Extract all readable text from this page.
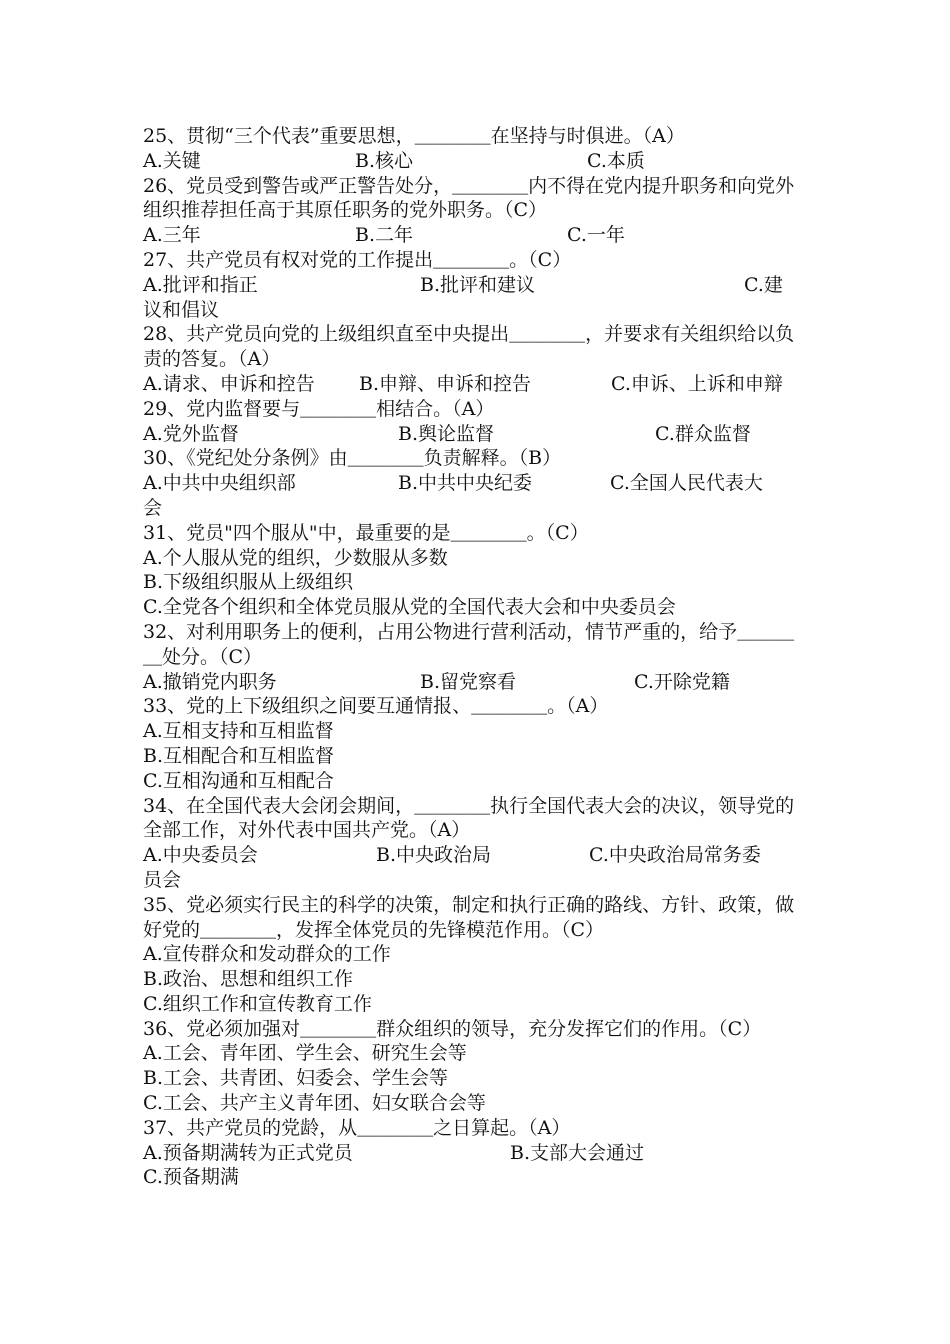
25、贯彻“三个代表”重要思想，＿＿＿＿在坚持与时俱进。（A）

A.关键	B.核心	C.本质

26、党员受到警告或严正警告处分，＿＿＿＿内不得在党内提升职务和向党外组织推荐担任高于其原任职务的党外职务。（C）

A.三年	B.二年	C.一年

27、共产党员有权对党的工作提出＿＿＿＿。（C）

A.批评和指正	B.批评和建议	C.建
议和倡议

28、共产党员向党的上级组织直至中央提出＿＿＿＿，并要求有关组织给以负责的答复。（A）

A.请求、申诉和控告	B.申辩、申诉和控告	C.申诉、上诉和申辩

29、党内监督要与＿＿＿＿相结合。（A）

A.党外监督	B.舆论监督	C.群众监督

30、《党纪处分条例》由＿＿＿＿负责解释。（B）

A.中共中央组织部	B.中共中央纪委	C.全国人民代表大
会

31、党员"四个服从"中，最重要的是＿＿＿＿。（C）

A.个人服从党的组织，少数服从多数
B.下级组织服从上级组织
C.全党各个组织和全体党员服从党的全国代表大会和中央委员会

32、对利用职务上的便利，占用公物进行营利活动，情节严重的，给予＿＿＿＿处分。（C）

A.撤销党内职务	B.留党察看	C.开除党籍

33、党的上下级组织之间要互通情报、＿＿＿＿。（A）

A.互相支持和互相监督
B.互相配合和互相监督
C.互相沟通和互相配合

34、在全国代表大会闭会期间，＿＿＿＿执行全国代表大会的决议，领导党的全部工作，对外代表中国共产党。（A）

A.中央委员会	B.中央政治局	C.中央政治局常务委
员会

35、党必须实行民主的科学的决策，制定和执行正确的路线、方针、政策，做好党的＿＿＿＿，发挥全体党员的先锋模范作用。（C）

A.宣传群众和发动群众的工作
B.政治、思想和组织工作
C.组织工作和宣传教育工作

36、党必须加强对＿＿＿＿群众组织的领导，充分发挥它们的作用。（C）

A.工会、青年团、学生会、研究生会等
B.工会、共青团、妇委会、学生会等
C.工会、共产主义青年团、妇女联合会等

37、共产党员的党龄，从＿＿＿＿之日算起。（A）

A.预备期满转为正式党员	B.支部大会通过
C.预备期满
